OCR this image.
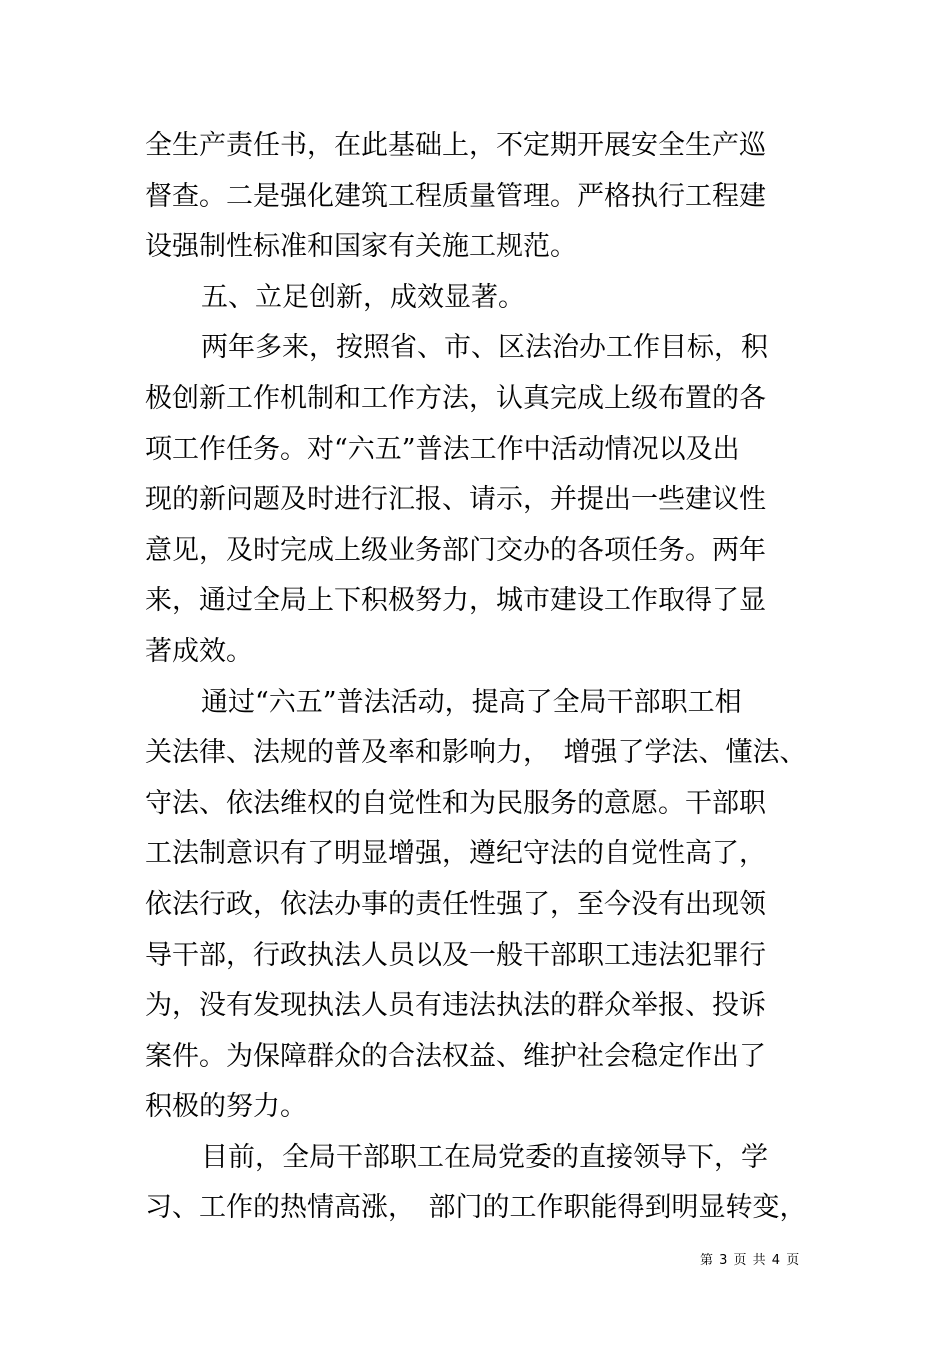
全生产责任书，在此基础上，不定期开展安全生产巡
督查。二是强化建筑工程质量管理。严格执行工程建
设强制性标准和国家有关施工规范。
五、立足创新，成效显著。
两年多来，按照省、市、区法治办工作目标，积
极创新工作机制和工作方法，认真完成上级布置的各
项工作任务。对“六五”普法工作中活动情况以及出
现的新问题及时进行汇报、请示，并提出一些建议性
意见，及时完成上级业务部门交办的各项任务。两年
来，通过全局上下积极努力，城市建设工作取得了显
著成效。
通过“六五”普法活动，提高了全局干部职工相
关法律、法规的普及率和影响力，　增强了学法、懂法、
守法、依法维权的自觉性和为民服务的意愿。干部职
工法制意识有了明显增强，遵纪守法的自觉性高了，
依法行政，依法办事的责任性强了，至今没有出现领
导干部，行政执法人员以及一般干部职工违法犯罪行
为，没有发现执法人员有违法执法的群众举报、投诉
案件。为保障群众的合法权益、维护社会稳定作出了
积极的努力。
目前，全局干部职工在局党委的直接领导下，学
习、工作的热情高涨，　部门的工作职能得到明显转变，
第 3 页 共 4 页
